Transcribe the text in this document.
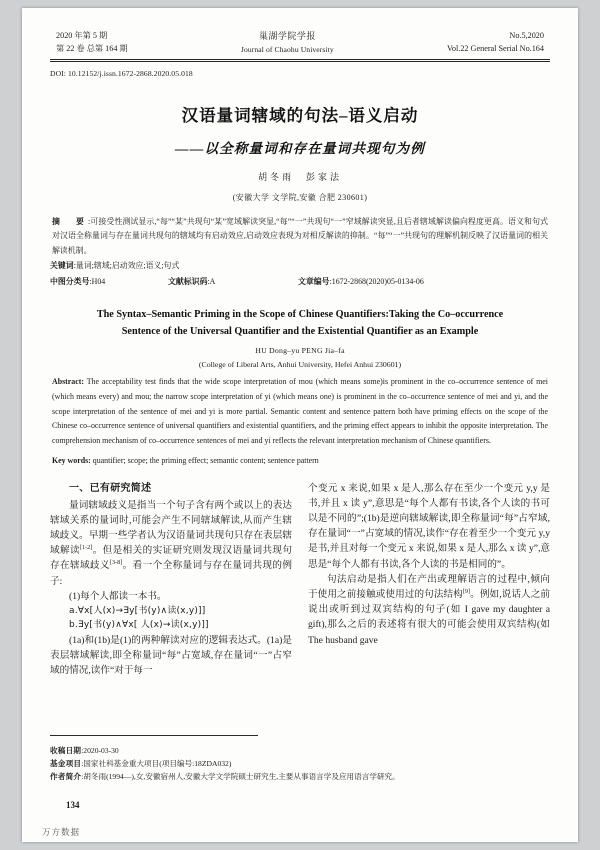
2020 年第 5 期
第 22 卷 总第 164 期
巢湖学院学报
Journal of Chaohu University
No.5,2020
Vol.22 General Serial No.164
DOI: 10.12152/j.issn.1672-2868.2020.05.018
汉语量词辖域的句法–语义启动
——以全称量词和存在量词共现句为例
胡冬雨　彭家法
(安徽大学 文学院,安徽 合肥 230601)
摘　要:可接受性测试显示,“每”“某”共现句“某”宽域解读突显,“每”“一”共现句“一”窄域解读突显,且后者辖域解读偏向程度更高。语义和句式对汉语全称量词与存在量词共现句的辖域均有启动效应,启动效应表现为对相反解读的抑制。“每”“一”共现句的理解机制反映了汉语量词的相关解读机制。
关键词:量词;辖域;启动效应;语义;句式
中图分类号:H04	文献标识码:A	文章编号:1672-2868(2020)05-0134-06
The Syntax–Semantic Priming in the Scope of Chinese Quantifiers:Taking the Co–occurrence
Sentence of the Universal Quantifier and the Existential Quantifier as an Example
HU Dong–yu PENG Jia–fa
(College of Liberal Arts, Anhui University, Hefei Anhui 230601)
Abstract: The acceptability test finds that the wide scope interpretation of mou (which means some)is prominent in the co–occurrence sentence of mei (which means every) and mou; the narrow scope interpretation of yi (which means one) is prominent in the co–occurrence sentence of mei and yi, and the scope interpretation of the sentence of mei and yi is more partial. Semantic content and sentence pattern both have priming effects on the scope of the Chinese co–occurrence sentence of universal quantifiers and existential quantifiers, and the priming effect appears to inhibit the opposite interpretation. The comprehension mechanism of co–occurrence sentences of mei and yi reflects the relevant interpretation mechanism of Chinese quantifiers.
Key words: quantifier; scope; the priming effect; semantic content; sentence pattern
一、已有研究简述
量词辖域歧义是指当一个句子含有两个或以上的表达辖域关系的量词时,可能会产生不同辖域解读,从而产生辖域歧义。早期一些学者认为汉语量词共现句只存在表层辖域解读[1-2]。但是相关的实证研究则发现汉语量词共现句存在辖域歧义[3-8]。看一个全称量词与存在量词共现的例子:
(1)每个人都读一本书。
a.∀x[人(x)→∃y[书(y)∧读(x,y)]]
b.∃y[书(y)∧∀x[ 人(x)→读(x,y)]]
(1a)和(1b)是(1)的两种解读对应的逻辑表达式。(1a)是表层辖域解读,即全称量词“每”占宽域,存在量词“一”占窄域的情况,读作“对于每一
个变元 x 来说,如果 x 是人,那么存在至少一个变元 y,y 是书,并且 x 读 y”,意思是“每个人都有书读,各个人读的书可以是不同的”;(1b)是逆向辖域解读,即全称量词“每”占窄域,存在量词“一”占宽域的情况,读作“存在着至少一个变元 y,y 是书,并且对每一个变元 x 来说,如果 x 是人,那么 x 读 y”,意思是“每个人都有书读,各个人读的书是相同的”。
句法启动是指人们在产出或理解语言的过程中,倾向于使用之前接触或使用过的句法结构[9]。例如,说话人之前说出或听到过双宾结构的句子(如 I gave my daughter a gift),那么之后的表述将有很大的可能会使用双宾结构(如 The husband gave
收稿日期:2020-03-30
基金项目:国家社科基金重大项目(项目编号:18ZDA032)
作者简介:胡冬雨(1994—),女,安徽宿州人,安徽大学文学院硕士研究生,主要从事语言学及应用语言学研究。
134
万方数据
